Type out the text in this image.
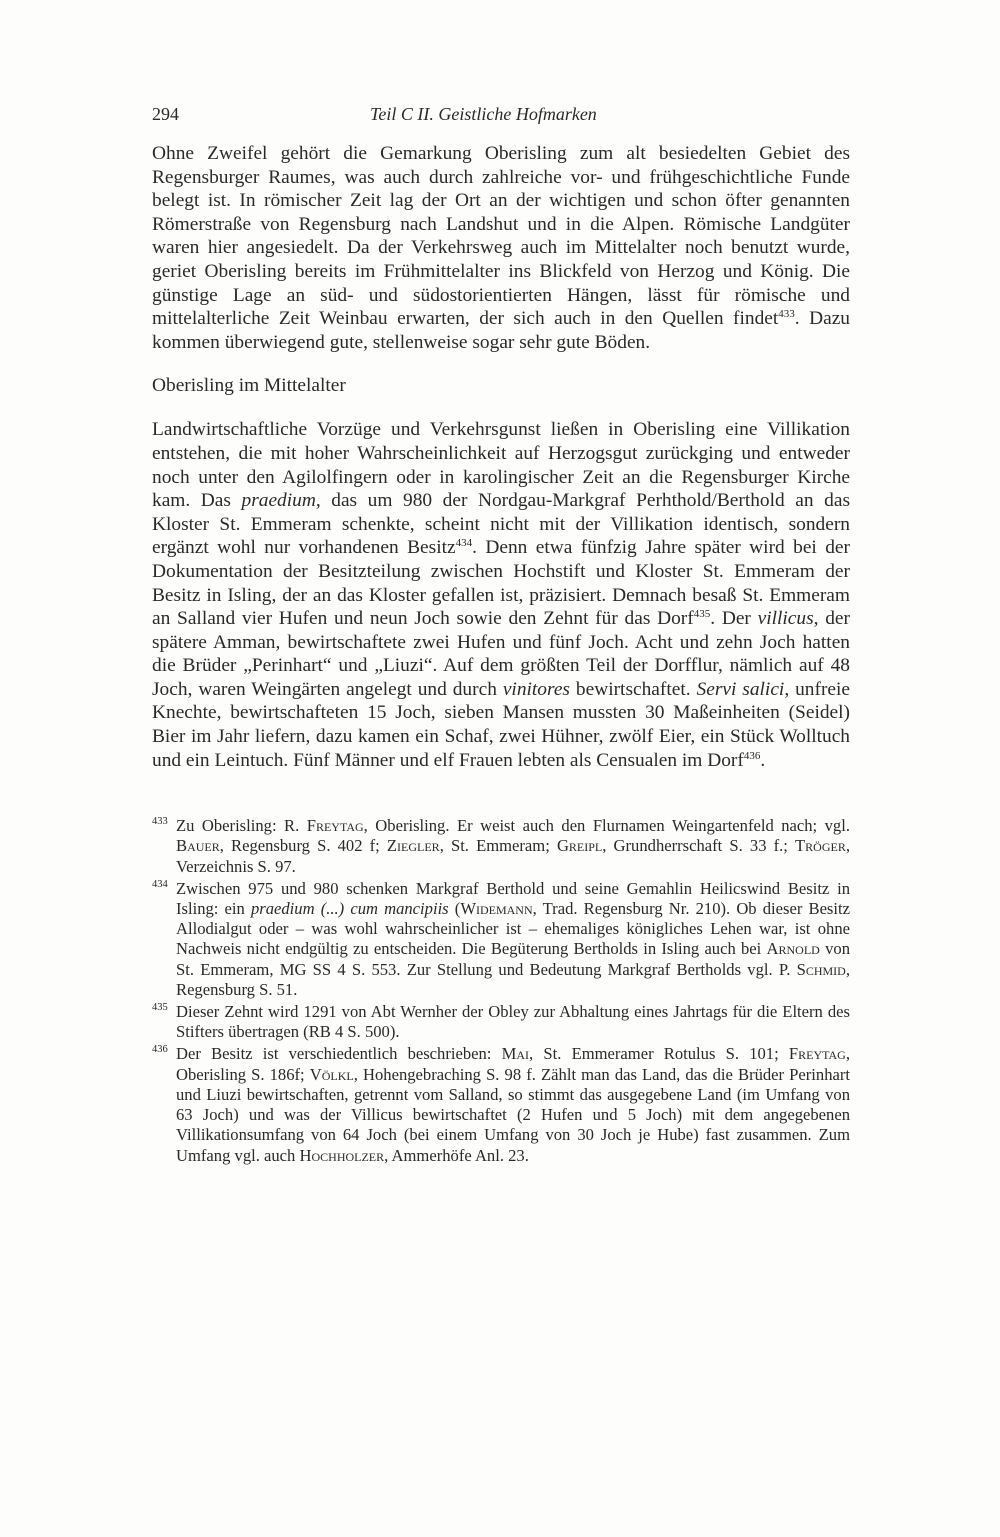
294	Teil C II. Geistliche Hofmarken

Ohne Zweifel gehört die Gemarkung Oberisling zum alt besiedelten Gebiet des Regensburger Raumes, was auch durch zahlreiche vor- und frühgeschichtliche Funde belegt ist. In römischer Zeit lag der Ort an der wichtigen und schon öfter genannten Römerstraße von Regensburg nach Landshut und in die Alpen. Römische Landgüter waren hier angesiedelt. Da der Verkehrsweg auch im Mittelalter noch benutzt wurde, geriet Oberisling bereits im Frühmittelalter ins Blickfeld von Herzog und König. Die günstige Lage an süd- und südostorientierten Hängen, lässt für römische und mittelalterliche Zeit Weinbau erwarten, der sich auch in den Quellen findet$^{433}$. Dazu kommen überwiegend gute, stellenweise sogar sehr gute Böden.

Oberisling im Mittelalter

Landwirtschaftliche Vorzüge und Verkehrsgunst ließen in Oberisling eine Villikation entstehen, die mit hoher Wahrscheinlichkeit auf Herzogsgut zurückging und entweder noch unter den Agilolfingern oder in karolingischer Zeit an die Regensburger Kirche kam. Das praedium, das um 980 der Nordgau-Markgraf Perhthold/Berthold an das Kloster St. Emmeram schenkte, scheint nicht mit der Villikation identisch, sondern ergänzt wohl nur vorhandenen Besitz$^{434}$. Denn etwa fünfzig Jahre später wird bei der Dokumentation der Besitzteilung zwischen Hochstift und Kloster St. Emmeram der Besitz in Isling, der an das Kloster gefallen ist, präzisiert. Demnach besaß St. Emmeram an Salland vier Hufen und neun Joch sowie den Zehnt für das Dorf$^{435}$. Der villicus, der spätere Amman, bewirtschaftete zwei Hufen und fünf Joch. Acht und zehn Joch hatten die Brüder „Perinhart“ und „Liuzi“. Auf dem größten Teil der Dorfflur, nämlich auf 48 Joch, waren Weingärten angelegt und durch vinitores bewirtschaftet. Servi salici, unfreie Knechte, bewirtschafteten 15 Joch, sieben Mansen mussten 30 Maßeinheiten (Seidel) Bier im Jahr liefern, dazu kamen ein Schaf, zwei Hühner, zwölf Eier, ein Stück Wolltuch und ein Leintuch. Fünf Männer und elf Frauen lebten als Censualen im Dorf$^{436}$.

433 Zu Oberisling: R. Freytag, Oberisling. Er weist auch den Flurnamen Weingartenfeld nach; vgl. Bauer, Regensburg S. 402 f; Ziegler, St. Emmeram; Greipl, Grundherrschaft S. 33 f.; Tröger, Verzeichnis S. 97.

434 Zwischen 975 und 980 schenken Markgraf Berthold und seine Gemahlin Heilicswind Besitz in Isling: ein praedium (...) cum mancipiis (Widemann, Trad. Regensburg Nr. 210). Ob dieser Besitz Allodialgut oder – was wohl wahrscheinlicher ist – ehemaliges königliches Lehen war, ist ohne Nachweis nicht endgültig zu entscheiden. Die Begüterung Bertholds in Isling auch bei Arnold von St. Emmeram, MG SS 4 S. 553. Zur Stellung und Bedeutung Markgraf Bertholds vgl. P. Schmid, Regensburg S. 51.

435 Dieser Zehnt wird 1291 von Abt Wernher der Obley zur Abhaltung eines Jahrtags für die Eltern des Stifters übertragen (RB 4 S. 500).

436 Der Besitz ist verschiedentlich beschrieben: Mai, St. Emmeramer Rotulus S. 101; Freytag, Oberisling S. 186f; Völkl, Hohengebraching S. 98 f. Zählt man das Land, das die Brüder Perinhart und Liuzi bewirtschaften, getrennt vom Salland, so stimmt das ausgegebene Land (im Umfang von 63 Joch) und was der Villicus bewirtschaftet (2 Hufen und 5 Joch) mit dem angegebenen Villikationsumfang von 64 Joch (bei einem Umfang von 30 Joch je Hube) fast zusammen. Zum Umfang vgl. auch Hochholzer, Ammerhöfe Anl. 23.
